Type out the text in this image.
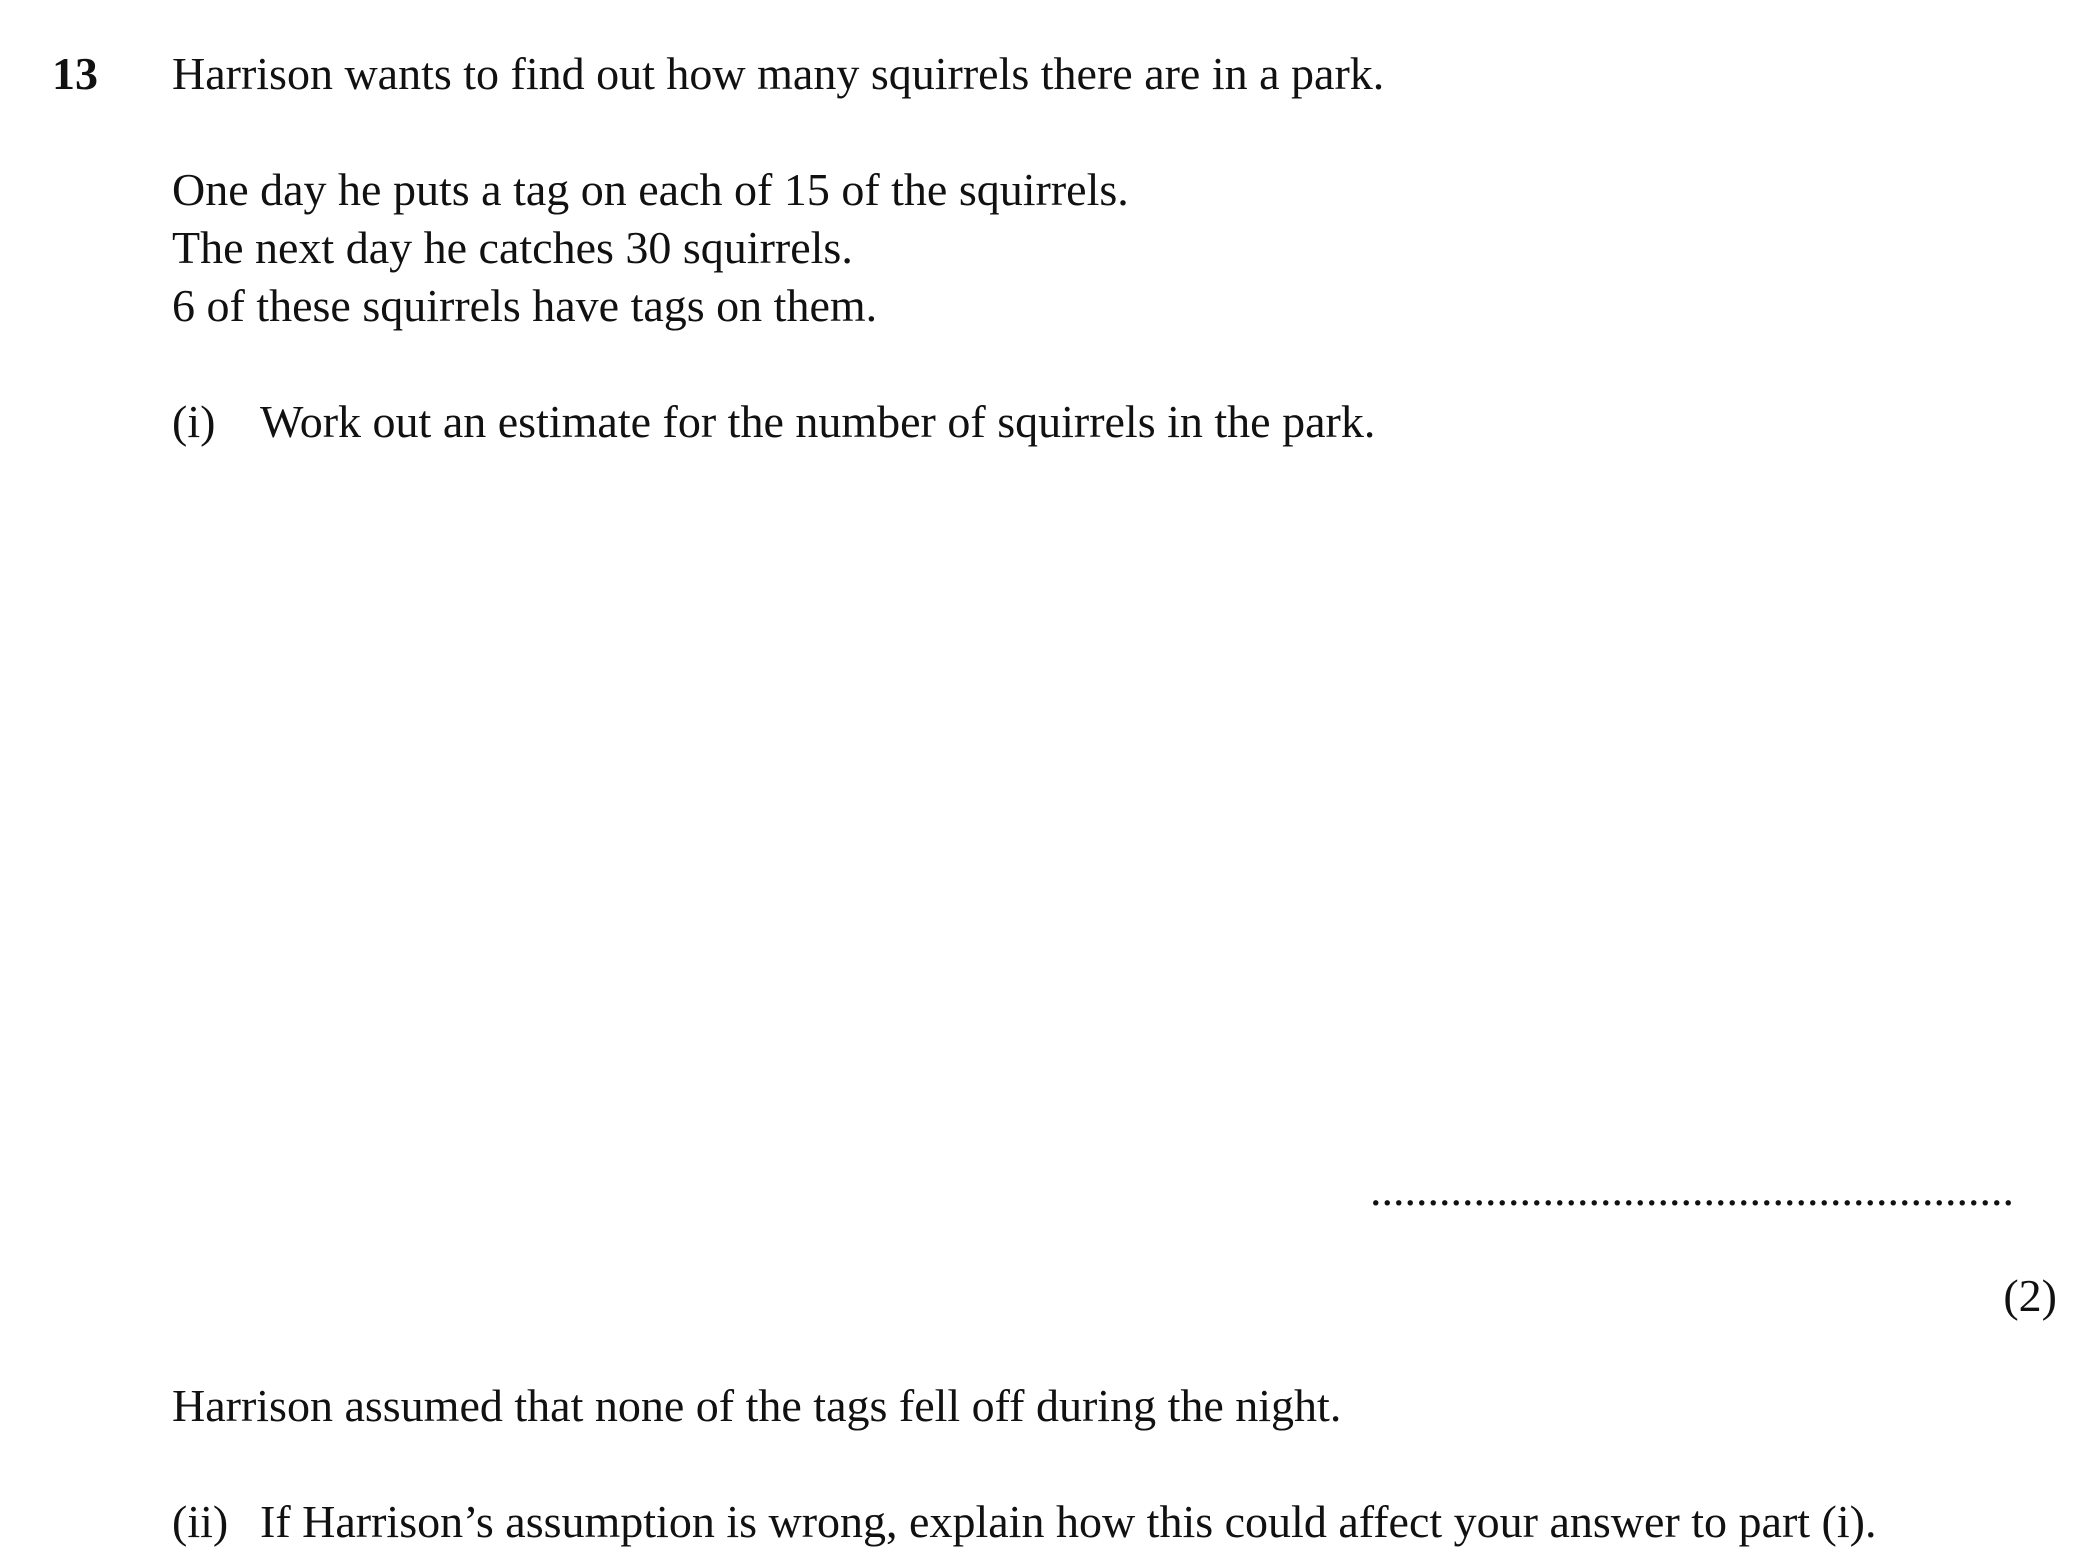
13 Harrison wants to find out how many squirrels there are in a park.
One day he puts a tag on each of 15 of the squirrels.
The next day he catches 30 squirrels.
6 of these squirrels have tags on them.
(i) Work out an estimate for the number of squirrels in the park.
........................................................
(2)
Harrison assumed that none of the tags fell off during the night.
(ii) If Harrison’s assumption is wrong, explain how this could affect your answer to part (i).
